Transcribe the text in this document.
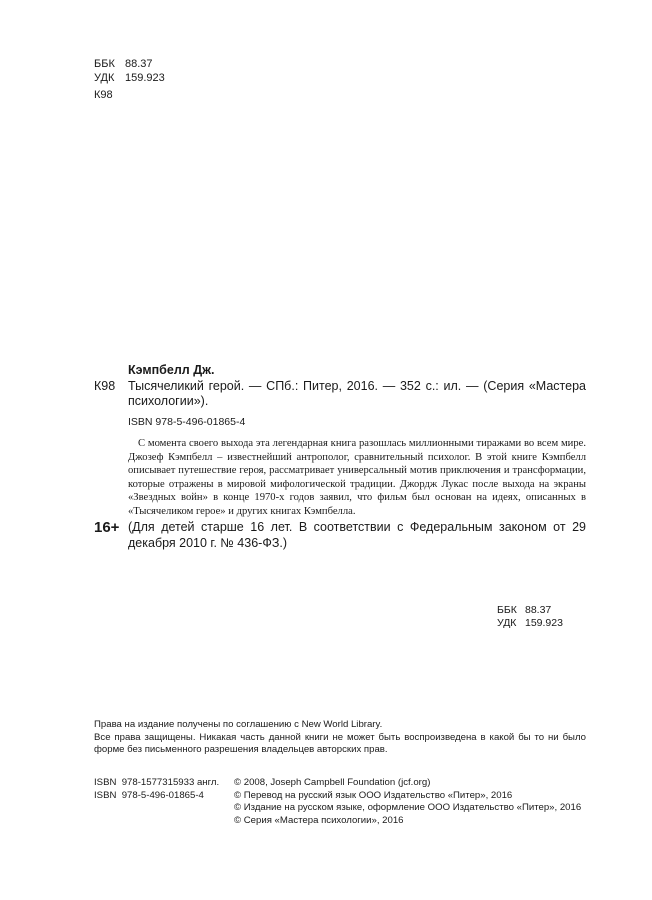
ББК 88.37
УДК 159.923
К98
Кэмпбелл Дж.
К98 Тысячеликий герой. — СПб.: Питер, 2016. — 352 с.: ил. — (Серия «Мастера психологии»).
ISBN 978-5-496-01865-4
С момента своего выхода эта легендарная книга разошлась миллионными тиражами во всем мире. Джозеф Кэмпбелл – известнейший антрополог, сравнительный психолог. В этой книге Кэмпбелл описывает путешествие героя, рассматривает универсальный мотив приключения и трансформации, которые отражены в мировой мифологической традиции. Джордж Лукас после выхода на экраны «Звездных войн» в конце 1970-х годов заявил, что фильм был основан на идеях, описанных в «Тысячеликом герое» и других книгах Кэмпбелла.
16+ (Для детей старше 16 лет. В соответствии с Федеральным законом от 29 декабря 2010 г. № 436-ФЗ.)
ББК 88.37
УДК 159.923

Права на издание получены по соглашению с New World Library.

Все права защищены. Никакая часть данной книги не может быть воспроизведена в какой бы то ни было форме без письменного разрешения владельцев авторских прав.

ISBN  978-1577315933 англ.
ISBN  978-5-496-01865-4
© 2008, Joseph Campbell Foundation (jcf.org)
© Перевод на русский язык ООО Издательство «Питер», 2016
© Издание на русском языке, оформление ООО Издательство «Питер», 2016
© Серия «Мастера психологии», 2016
